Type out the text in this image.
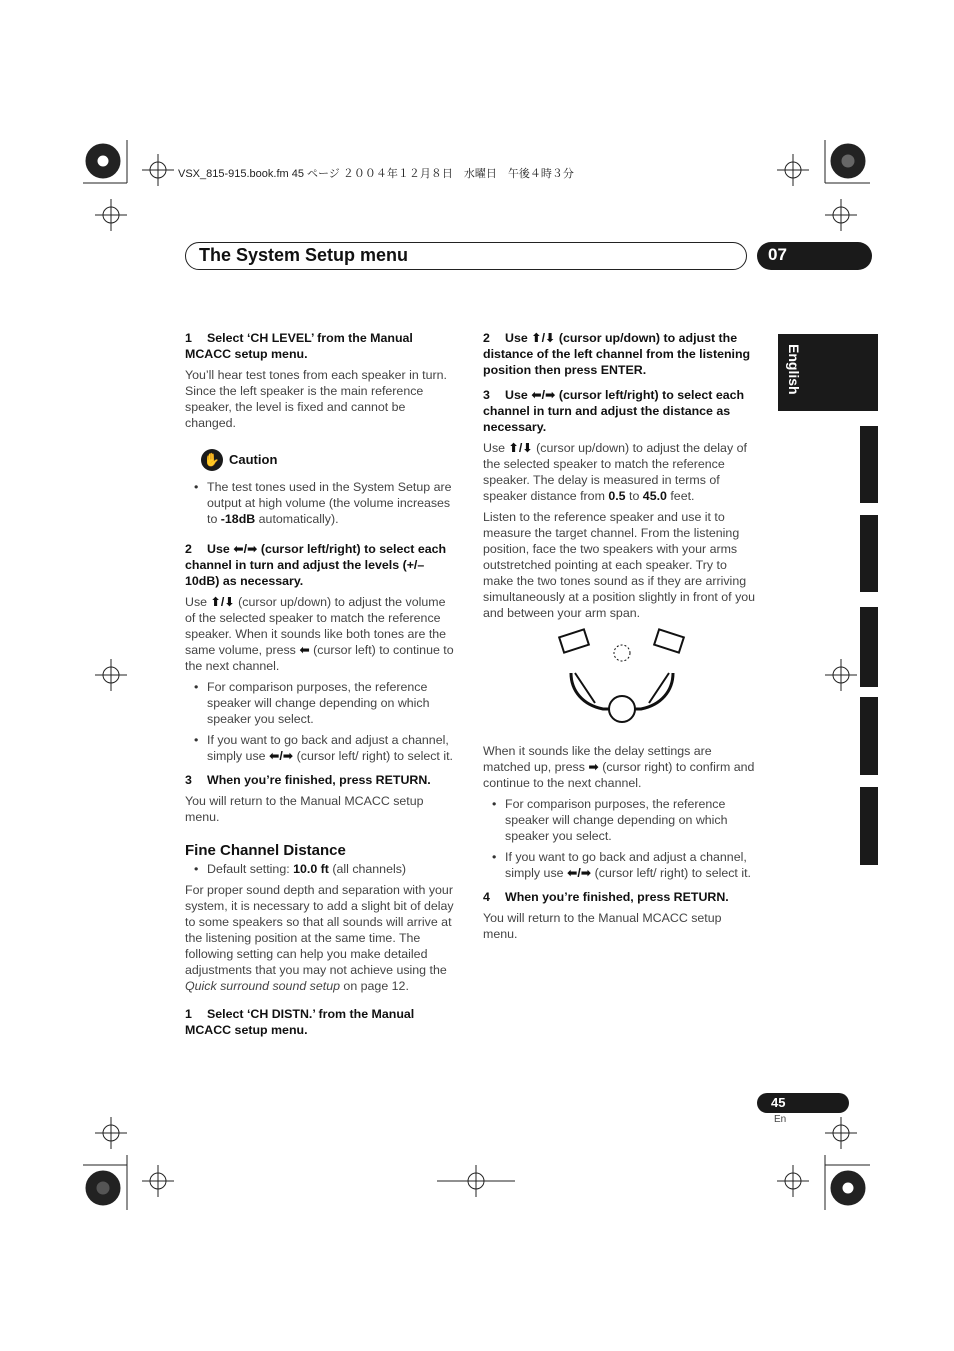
VSX_815-915.book.fm 45 ページ ２００４年１２月８日　水曜日　午後４時３分
The System Setup menu	07
English

1 Select ‘CH LEVEL’ from the Manual MCACC setup menu.

You’ll hear test tones from each speaker in turn. Since the left speaker is the main reference speaker, the level is fixed and cannot be changed.

✋ Caution
• The test tones used in the System Setup are output at high volume (the volume increases to -18dB automatically).

2 Use ⬅/➡ (cursor left/right) to select each channel in turn and adjust the levels (+/– 10dB) as necessary.

Use ⬆/⬇ (cursor up/down) to adjust the volume of the selected speaker to match the reference speaker. When it sounds like both tones are the same volume, press ⬅ (cursor left) to continue to the next channel.

• For comparison purposes, the reference speaker will change depending on which speaker you select.
• If you want to go back and adjust a channel, simply use ⬅/➡ (cursor left/ right) to select it.

3 When you’re finished, press RETURN.

You will return to the Manual MCACC setup menu.

Fine Channel Distance
• Default setting: 10.0 ft (all channels)

For proper sound depth and separation with your system, it is necessary to add a slight bit of delay to some speakers so that all sounds will arrive at the listening position at the same time. The following setting can help you make detailed adjustments that you may not achieve using the Quick surround sound setup on page 12.

1 Select ‘CH DISTN.’ from the Manual MCACC setup menu.

2 Use ⬆/⬇ (cursor up/down) to adjust the distance of the left channel from the listening position then press ENTER.

3 Use ⬅/➡ (cursor left/right) to select each channel in turn and adjust the distance as necessary.

Use ⬆/⬇ (cursor up/down) to adjust the delay of the selected speaker to match the reference speaker. The delay is measured in terms of speaker distance from 0.5 to 45.0 feet.

Listen to the reference speaker and use it to measure the target channel. From the listening position, face the two speakers with your arms outstretched pointing at each speaker. Try to make the two tones sound as if they are arriving simultaneously at a position slightly in front of you and between your arm span.

When it sounds like the delay settings are matched up, press ➡ (cursor right) to confirm and continue to the next channel.

• For comparison purposes, the reference speaker will change depending on which speaker you select.
• If you want to go back and adjust a channel, simply use ⬅/➡ (cursor left/ right) to select it.

4 When you’re finished, press RETURN.

You will return to the Manual MCACC setup menu.

45
En
